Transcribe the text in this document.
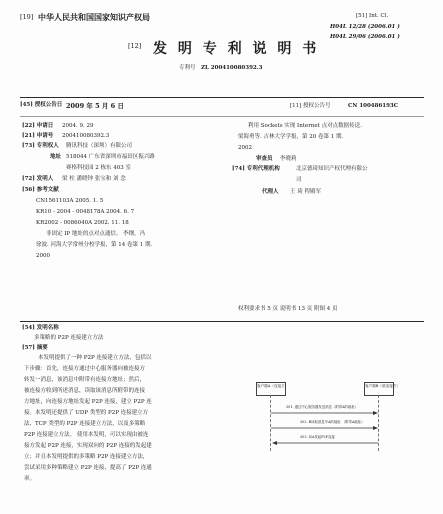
[19] 中华人民共和国国家知识产权局
[12] 发 明 专 利 说 明 书
专利号 ZL 200410080392.3
[51] Int. Cl.
H04L 12/28 (2006.01 )
H04L 29/06 (2006.01 )
[45] 授权公告日 2009 年 5 月 6 日	[11] 授权公告号	CN 100486193C
[22] 申请日 2004. 9. 29
[21] 申请号 200410080392.3
[73] 专利权人 腾讯科技（深圳）有限公司
地址 518044 广东省深圳市福田区振兴路
赛格科技园 2 栋东 403 室
[72] 发明人 梁 柱 潘晓钟 张宝和 刘 念
[56] 参考文献
CN1561103A 2005. 1. 5
KR10 - 2004 - 0048178A 2004. 6. 7
KR2002 - 0086040A 2002. 11. 18
非固定 IP 地址的点对点通信。 李纲，冯
徐波. 河海大学常州分校学报，第 14 卷第 1 期.
2000
利用 Sockets 实现 Internet 点对点数据传送.
梁海勇等. 吉林大学学报，第 20 卷第 1 期.
2002
审查员 李晓莉
[74] 专利代理机构	北京德琦知识产权代理有限公
司
代理人 王 琦 程殿军
权利要求书 5 页 说明书 13 页 附图 4 页
[54] 发明名称
多策略的 P2P 连接建立方法
[57] 摘要
本发明提供了一种 P2P 连接建立方法，包括以
下步骤：首先，连接方通过中心服务器向被连接方
转发一消息，该消息中附带有连接方地址；然后，
被连接方收到所述消息，读取该消息所附带的连接
方地址，向连接方地址发起 P2P 连接，建立 P2P 连
接。本发明还提供了 UDP 类型的 P2P 连接建立方
法、TCP 类型的 P2P 连接建立方法，以及多策略
P2P 连接建立方法。 使用本发明，可以实现由被连
接方发起 P2P 连接，实现双向的 P2P 连接的发起建
立；并且本发明提供的多策略 P2P 连接建立方法，
尝试采用多种策略建立 P2P 连接，提高了 P2P 连通
率。
客户端A（连接方）	客户端B（被连接方）
301. 通过中心服务器发送消息（附带A的地址）
302. B读取消息中A的地址 （附带A地址）
303. 向A发起P2P连接
